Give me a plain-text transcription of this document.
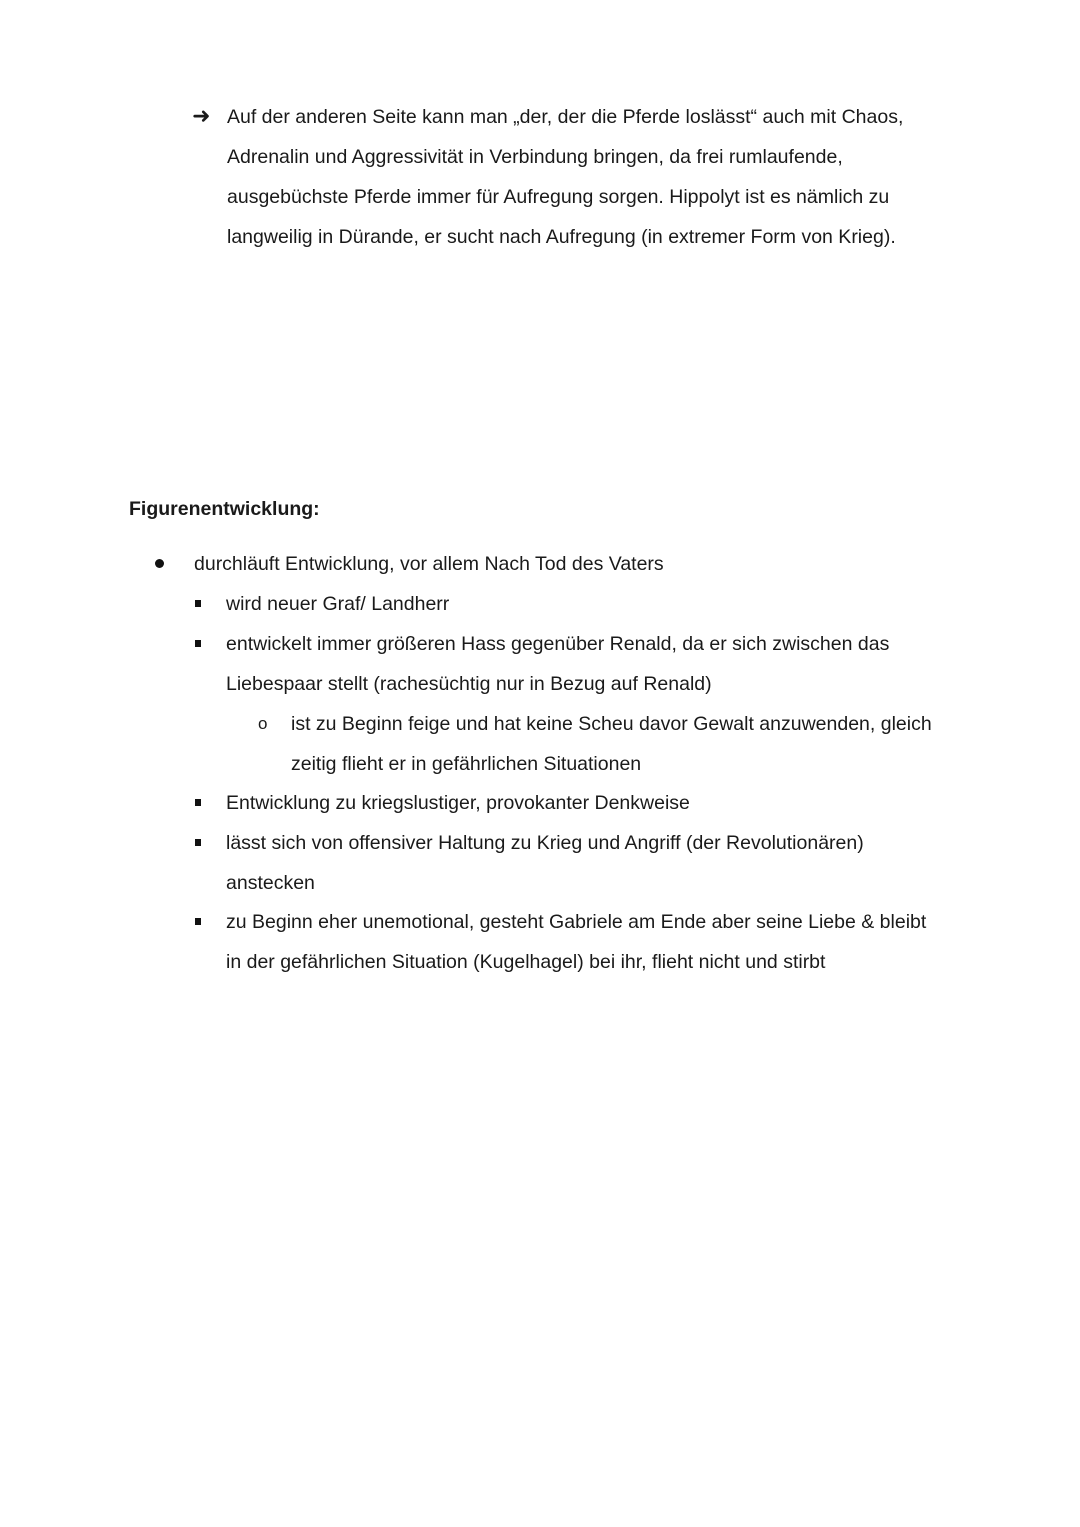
➜ Auf der anderen Seite kann man „der, der die Pferde loslässt“ auch mit Chaos,
Adrenalin und Aggressivität in Verbindung bringen, da frei rumlaufende,
ausgebüchste Pferde immer für Aufregung sorgen. Hippolyt ist es nämlich zu
langweilig in Dürande, er sucht nach Aufregung (in extremer Form von Krieg).
Figurenentwicklung:
durchläuft Entwicklung, vor allem Nach Tod des Vaters
wird neuer Graf/ Landherr
entwickelt immer größeren Hass gegenüber Renald, da er sich zwischen das
Liebespaar stellt (rachesüchtig nur in Bezug auf Renald)
o ist zu Beginn feige und hat keine Scheu davor Gewalt anzuwenden, gleich
zeitig flieht er in gefährlichen Situationen
Entwicklung zu kriegslustiger, provokanter Denkweise
lässt sich von offensiver Haltung zu Krieg und Angriff (der Revolutionären)
anstecken
zu Beginn eher unemotional, gesteht Gabriele am Ende aber seine Liebe & bleibt
in der gefährlichen Situation (Kugelhagel) bei ihr, flieht nicht und stirbt
